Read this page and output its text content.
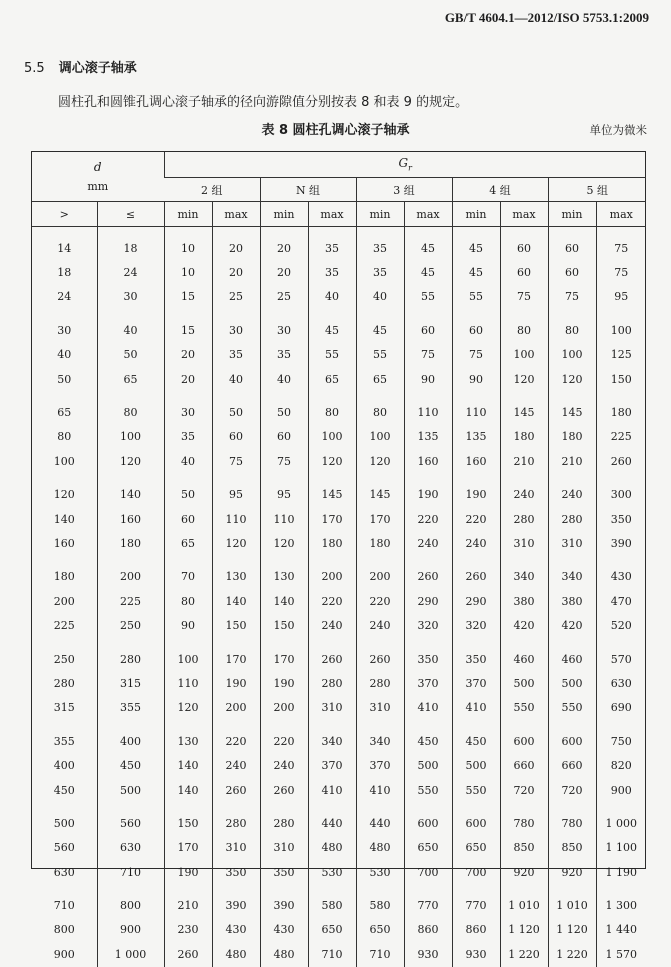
GB/T 4604.1—2012/ISO 5753.1:2009
5.5 调心滚子轴承
圆柱孔和圆锥孔调心滚子轴承的径向游隙值分别按表 8 和表 9 的规定。
表 8 圆柱孔调心滚子轴承	单位为微米
d
mm		$G_r$
		2 组		N 组		3 组		4 组		5 组	
>	≤	min	max	min	max	min	max	min	max	min	max

14	18	10	20	20	35	35	45	45	60	60	75
18	24	10	20	20	35	35	45	45	60	60	75
24	30	15	25	25	40	40	55	55	75	75	95

30	40	15	30	30	45	45	60	60	80	80	100
40	50	20	35	35	55	55	75	75	100	100	125
50	65	20	40	40	65	65	90	90	120	120	150

65	80	30	50	50	80	80	110	110	145	145	180
80	100	35	60	60	100	100	135	135	180	180	225
100	120	40	75	75	120	120	160	160	210	210	260

120	140	50	95	95	145	145	190	190	240	240	300
140	160	60	110	110	170	170	220	220	280	280	350
160	180	65	120	120	180	180	240	240	310	310	390

180	200	70	130	130	200	200	260	260	340	340	430
200	225	80	140	140	220	220	290	290	380	380	470
225	250	90	150	150	240	240	320	320	420	420	520

250	280	100	170	170	260	260	350	350	460	460	570
280	315	110	190	190	280	280	370	370	500	500	630
315	355	120	200	200	310	310	410	410	550	550	690

355	400	130	220	220	340	340	450	450	600	600	750
400	450	140	240	240	370	370	500	500	660	660	820
450	500	140	260	260	410	410	550	550	720	720	900

500	560	150	280	280	440	440	600	600	780	780	1 000
560	630	170	310	310	480	480	650	650	850	850	1 100
630	710	190	350	350	530	530	700	700	920	920	1 190

710	800	210	390	390	580	580	770	770	1 010	1 010	1 300
800	900	230	430	430	650	650	860	860	1 120	1 120	1 440
900	1 000	260	480	480	710	710	930	930	1 220	1 220	1 570
